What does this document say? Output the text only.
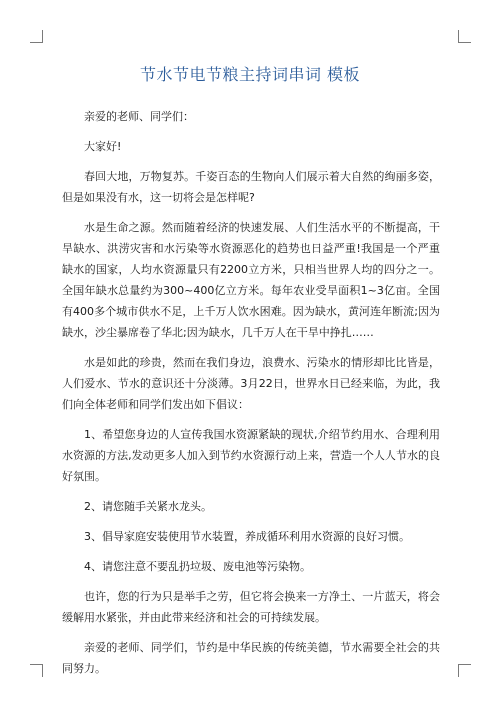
节水节电节粮主持词串词 模板

亲爱的老师、同学们：

大家好!

春回大地，万物复苏。千姿百态的生物向人们展示着大自然的绚丽多姿，但是如果没有水，这一切将会是怎样呢?

水是生命之源。然而随着经济的快速发展、人们生活水平的不断提高，干旱缺水、洪涝灾害和水污染等水资源恶化的趋势也日益严重!我国是一个严重缺水的国家，人均水资源量只有2200立方米，只相当世界人均的四分之一。全国年缺水总量约为300~400亿立方米。每年农业受旱面积1~3亿亩。全国有400多个城市供水不足，上千万人饮水困难。因为缺水，黄河连年断流;因为缺水，沙尘暴席卷了华北;因为缺水，几千万人在干旱中挣扎……

水是如此的珍贵，然而在我们身边，浪费水、污染水的情形却比比皆是，人们爱水、节水的意识还十分淡薄。3月22日，世界水日已经来临，为此，我们向全体老师和同学们发出如下倡议：

1、希望您身边的人宣传我国水资源紧缺的现状,介绍节约用水、合理利用水资源的方法,发动更多人加入到节约水资源行动上来，营造一个人人节水的良好氛围。

2、请您随手关紧水龙头。

3、倡导家庭安装使用节水装置，养成循环利用水资源的良好习惯。

4、请您注意不要乱扔垃圾、废电池等污染物。

也许，您的行为只是举手之劳，但它将会换来一方净土、一片蓝天，将会缓解用水紧张，并由此带来经济和社会的可持续发展。

亲爱的老师、同学们，节约是中华民族的传统美德，节水需要全社会的共同努力。
